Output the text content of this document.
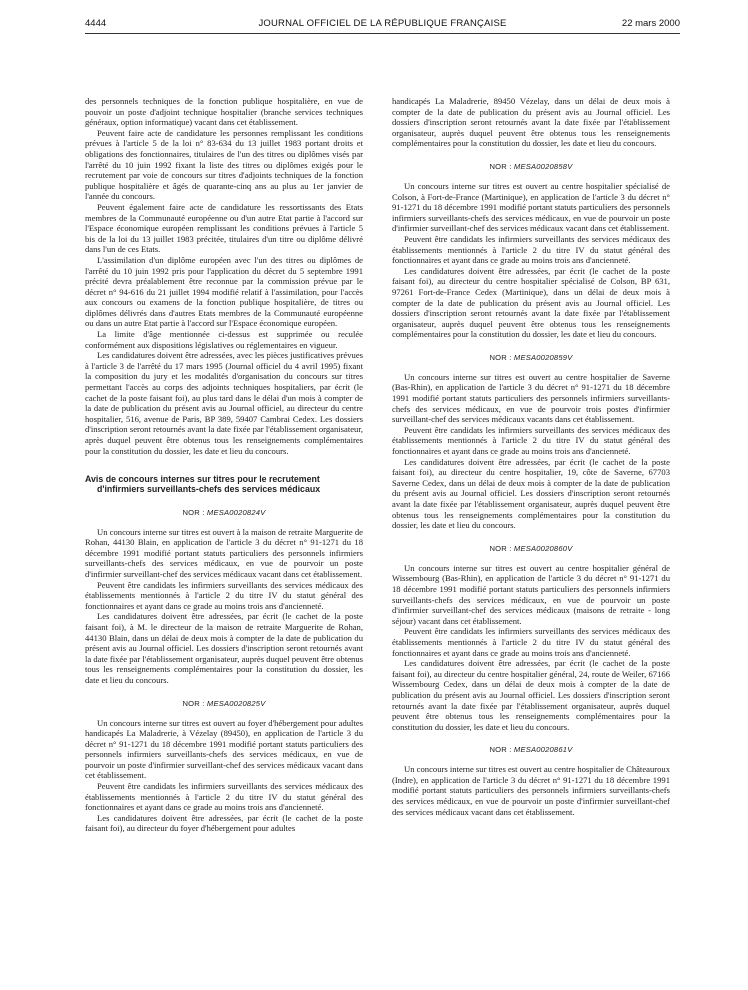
4444	JOURNAL OFFICIEL DE LA RÉPUBLIQUE FRANÇAISE	22 mars 2000

des personnels techniques de la fonction publique hospitalière, en vue de pouvoir un poste d'adjoint technique hospitalier (branche services techniques généraux, option informatique) vacant dans cet établissement.

Peuvent faire acte de candidature les personnes remplissant les conditions prévues à l'article 5 de la loi n° 83-634 du 13 juillet 1983 portant droits et obligations des fonctionnaires, titulaires de l'un des titres ou diplômes visés par l'arrêté du 10 juin 1992 fixant la liste des titres ou diplômes exigés pour le recrutement par voie de concours sur titres d'adjoints techniques de la fonction publique hospitalière et âgés de quarante-cinq ans au plus au 1er janvier de l'année du concours.

Peuvent également faire acte de candidature les ressortissants des Etats membres de la Communauté européenne ou d'un autre Etat partie à l'accord sur l'Espace économique européen remplissant les conditions prévues à l'article 5 bis de la loi du 13 juillet 1983 précitée, titulaires d'un titre ou diplôme délivré dans l'un de ces Etats.

L'assimilation d'un diplôme européen avec l'un des titres ou diplômes de l'arrêté du 10 juin 1992 pris pour l'application du décret du 5 septembre 1991 précité devra préalablement être reconnue par la commission prévue par le décret n° 94-616 du 21 juillet 1994 modifié relatif à l'assimilation, pour l'accès aux concours ou examens de la fonction publique hospitalière, de titres ou diplômes délivrés dans d'autres Etats membres de la Communauté européenne ou dans un autre Etat partie à l'accord sur l'Espace économique européen.

La limite d'âge mentionnée ci-dessus est supprimée ou reculée conformément aux dispositions législatives ou réglementaires en vigueur.

Les candidatures doivent être adressées, avec les pièces justificatives prévues à l'article 3 de l'arrêté du 17 mars 1995 (Journal officiel du 4 avril 1995) fixant la composition du jury et les modalités d'organisation du concours sur titres permettant l'accès au corps des adjoints techniques hospitaliers, par écrit (le cachet de la poste faisant foi), au plus tard dans le délai d'un mois à compter de la date de publication du présent avis au Journal officiel, au directeur du centre hospitalier, 516, avenue de Paris, BP 389, 59407 Cambrai Cedex. Les dossiers d'inscription seront retournés avant la date fixée par l'établissement organisateur, après duquel peuvent être obtenus tous les renseignements complémentaires pour la constitution du dossier, les date et lieu du concours.

Avis de concours internes sur titres pour le recrutement d'infirmiers surveillants-chefs des services médicaux
NOR : MESA0020824V

Un concours interne sur titres est ouvert à la maison de retraite Marguerite de Rohan, 44130 Blain, en application de l'article 3 du décret n° 91-1271 du 18 décembre 1991 modifié portant statuts particuliers des personnels infirmiers surveillants-chefs des services médicaux, en vue de pourvoir un poste d'infirmier surveillant-chef des services médicaux vacant dans cet établissement.

Peuvent être candidats les infirmiers surveillants des services médicaux des établissements mentionnés à l'article 2 du titre IV du statut général des fonctionnaires et ayant dans ce grade au moins trois ans d'ancienneté.

Les candidatures doivent être adressées, par écrit (le cachet de la poste faisant foi), à M. le directeur de la maison de retraite Marguerite de Rohan, 44130 Blain, dans un délai de deux mois à compter de la date de publication du présent avis au Journal officiel. Les dossiers d'inscription seront retournés avant la date fixée par l'établissement organisateur, auprès duquel peuvent être obtenus tous les renseignements complémentaires pour la constitution du dossier, les date et lieu du concours.

NOR : MESA0020825V

Un concours interne sur titres est ouvert au foyer d'hébergement pour adultes handicapés La Maladrerie, à Vézelay (89450), en application de l'article 3 du décret n° 91-1271 du 18 décembre 1991 modifié portant statuts particuliers des personnels infirmiers surveillants-chefs des services médicaux, en vue de pourvoir un poste d'infirmier surveillant-chef des services médicaux vacant dans cet établissement.

Peuvent être candidats les infirmiers surveillants des services médicaux des établissements mentionnés à l'article 2 du titre IV du statut général des fonctionnaires et ayant dans ce grade au moins trois ans d'ancienneté.

Les candidatures doivent être adressées, par écrit (le cachet de la poste faisant foi), au directeur du foyer d'hébergement pour adultes

handicapés La Maladrerie, 89450 Vézelay, dans un délai de deux mois à compter de la date de publication du présent avis au Journal officiel. Les dossiers d'inscription seront retournés avant la date fixée par l'établissement organisateur, auprès duquel peuvent être obtenus tous les renseignements complémentaires pour la constitution du dossier, les date et lieu du concours.

NOR : MESA0020858V

Un concours interne sur titres est ouvert au centre hospitalier spécialisé de Colson, à Fort-de-France (Martinique), en application de l'article 3 du décret n° 91-1271 du 18 décembre 1991 modifié portant statuts particuliers des personnels infirmiers surveillants-chefs des services médicaux, en vue de pourvoir un poste d'infirmier surveillant-chef des services médicaux vacant dans cet établissement.

Peuvent être candidats les infirmiers surveillants des services médicaux des établissements mentionnés à l'article 2 du titre IV du statut général des fonctionnaires et ayant dans ce grade au moins trois ans d'ancienneté.

Les candidatures doivent être adressées, par écrit (le cachet de la poste faisant foi), au directeur du centre hospitalier spécialisé de Colson, BP 631, 97261 Fort-de-France Cedex (Martinique), dans un délai de deux mois à compter de la date de publication du présent avis au Journal officiel. Les dossiers d'inscription seront retournés avant la date fixée par l'établissement organisateur, auprès duquel peuvent être obtenus tous les renseignements complémentaires pour la constitution du dossier, les date et lieu du concours.

NOR : MESA0020859V

Un concours interne sur titres est ouvert au centre hospitalier de Saverne (Bas-Rhin), en application de l'article 3 du décret n° 91-1271 du 18 décembre 1991 modifié portant statuts particuliers des personnels infirmiers surveillants-chefs des services médicaux, en vue de pourvoir trois postes d'infirmier surveillant-chef des services médicaux vacants dans cet établissement.

Peuvent être candidats les infirmiers surveillants des services médicaux des établissements mentionnés à l'article 2 du titre IV du statut général des fonctionnaires et ayant dans ce grade au moins trois ans d'ancienneté.

Les candidatures doivent être adressées, par écrit (le cachet de la poste faisant foi), au directeur du centre hospitalier, 19, côte de Saverne, 67703 Saverne Cedex, dans un délai de deux mois à compter de la date de publication du présent avis au Journal officiel. Les dossiers d'inscription seront retournés avant la date fixée par l'établissement organisateur, auprès duquel peuvent être obtenus tous les renseignements complémentaires pour la constitution du dossier, les date et lieu du concours.

NOR : MESA0020860V

Un concours interne sur titres est ouvert au centre hospitalier général de Wissembourg (Bas-Rhin), en application de l'article 3 du décret n° 91-1271 du 18 décembre 1991 modifié portant statuts particuliers des personnels infirmiers surveillants-chefs des services médicaux, en vue de pourvoir un poste d'infirmier surveillant-chef des services médicaux (maisons de retraite - long séjour) vacant dans cet établissement.

Peuvent être candidats les infirmiers surveillants des services médicaux des établissements mentionnés à l'article 2 du titre IV du statut général des fonctionnaires et ayant dans ce grade au moins trois ans d'ancienneté.

Les candidatures doivent être adressées, par écrit (le cachet de la poste faisant foi), au directeur du centre hospitalier général, 24, route de Weiler, 67166 Wissembourg Cedex, dans un délai de deux mois à compter de la date de publication du présent avis au Journal officiel. Les dossiers d'inscription seront retournés avant la date fixée par l'établissement organisateur, auprès duquel peuvent être obtenus tous les renseignements complémentaires pour la constitution du dossier, les date et lieu du concours.

NOR : MESA0020861V

Un concours interne sur titres est ouvert au centre hospitalier de Châteauroux (Indre), en application de l'article 3 du décret n° 91-1271 du 18 décembre 1991 modifié portant statuts particuliers des personnels infirmiers surveillants-chefs des services médicaux, en vue de pourvoir un poste d'infirmier surveillant-chef des services médicaux vacant dans cet établissement.
